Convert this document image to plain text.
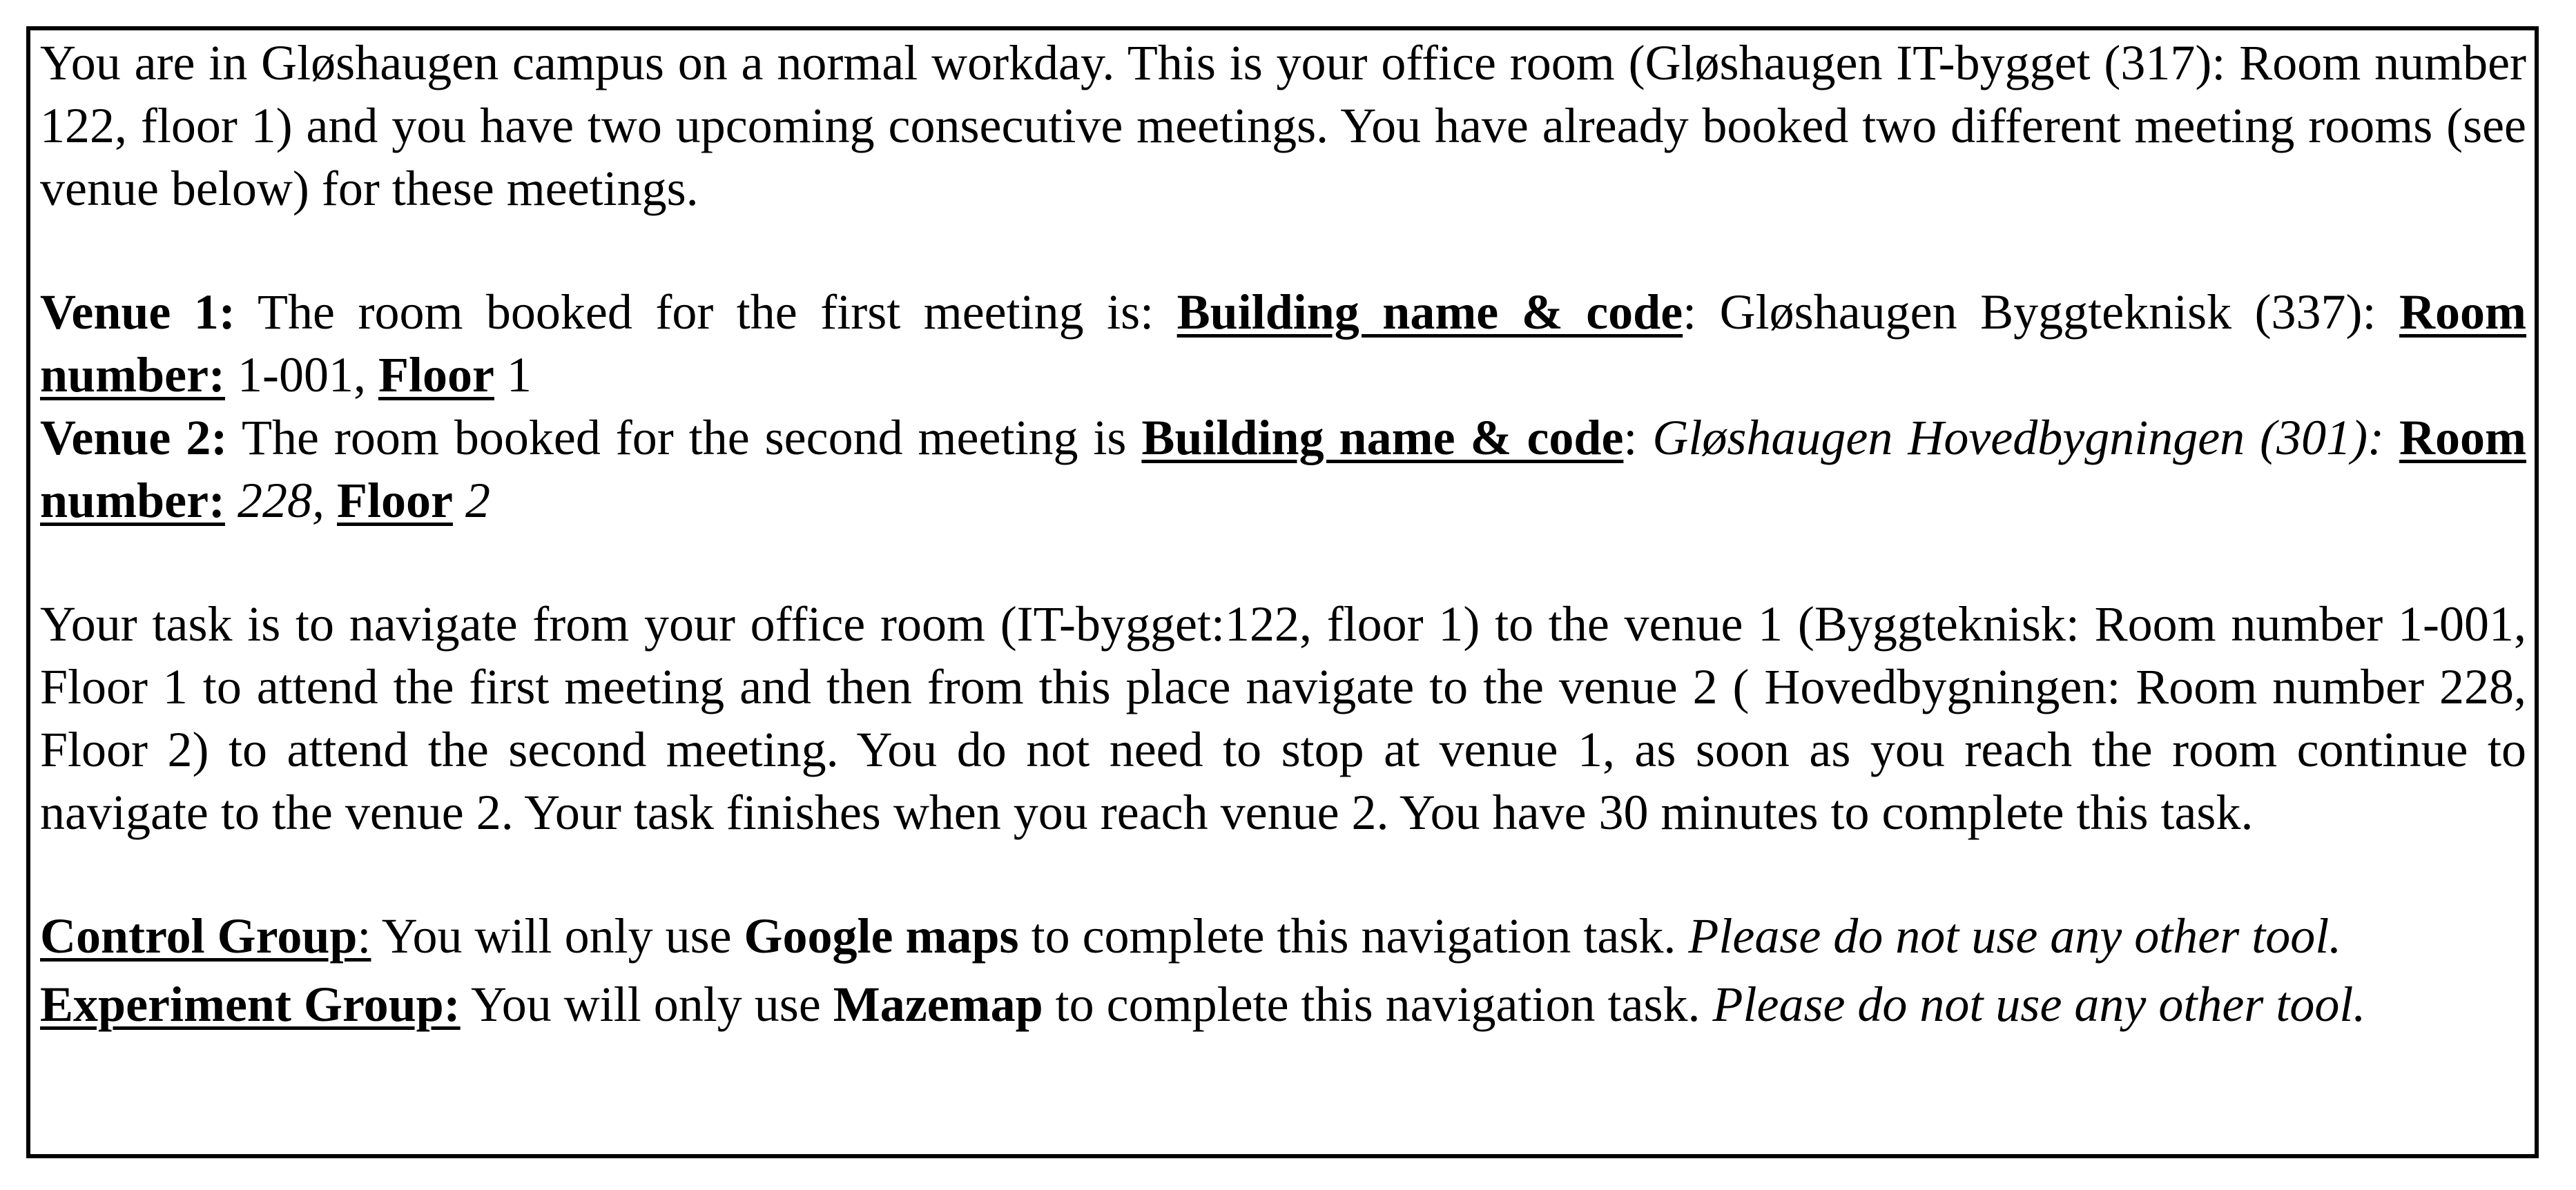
You are in Gløshaugen campus on a normal workday. This is your office room (Gløshaugen IT-bygget (317): Room number 122, floor 1) and you have two upcoming consecutive meetings. You have already booked two different meeting rooms (see venue below) for these meetings.

Venue 1: The room booked for the first meeting is: Building name & code: Gløshaugen Byggteknisk (337): Room number: 1-001, Floor 1

Venue 2: The room booked for the second meeting is Building name & code: Gløshaugen Hovedbygningen (301): Room number: 228, Floor 2

Your task is to navigate from your office room (IT-bygget:122, floor 1) to the venue 1 (Byggteknisk: Room number 1-001, Floor 1 to attend the first meeting and then from this place navigate to the venue 2 ( Hovedbygningen: Room number 228, Floor 2) to attend the second meeting. You do not need to stop at venue 1, as soon as you reach the room continue to navigate to the venue 2. Your task finishes when you reach venue 2. You have 30 minutes to complete this task.

Control Group: You will only use Google maps to complete this navigation task. Please do not use any other tool.

Experiment Group: You will only use Mazemap to complete this navigation task. Please do not use any other tool.
